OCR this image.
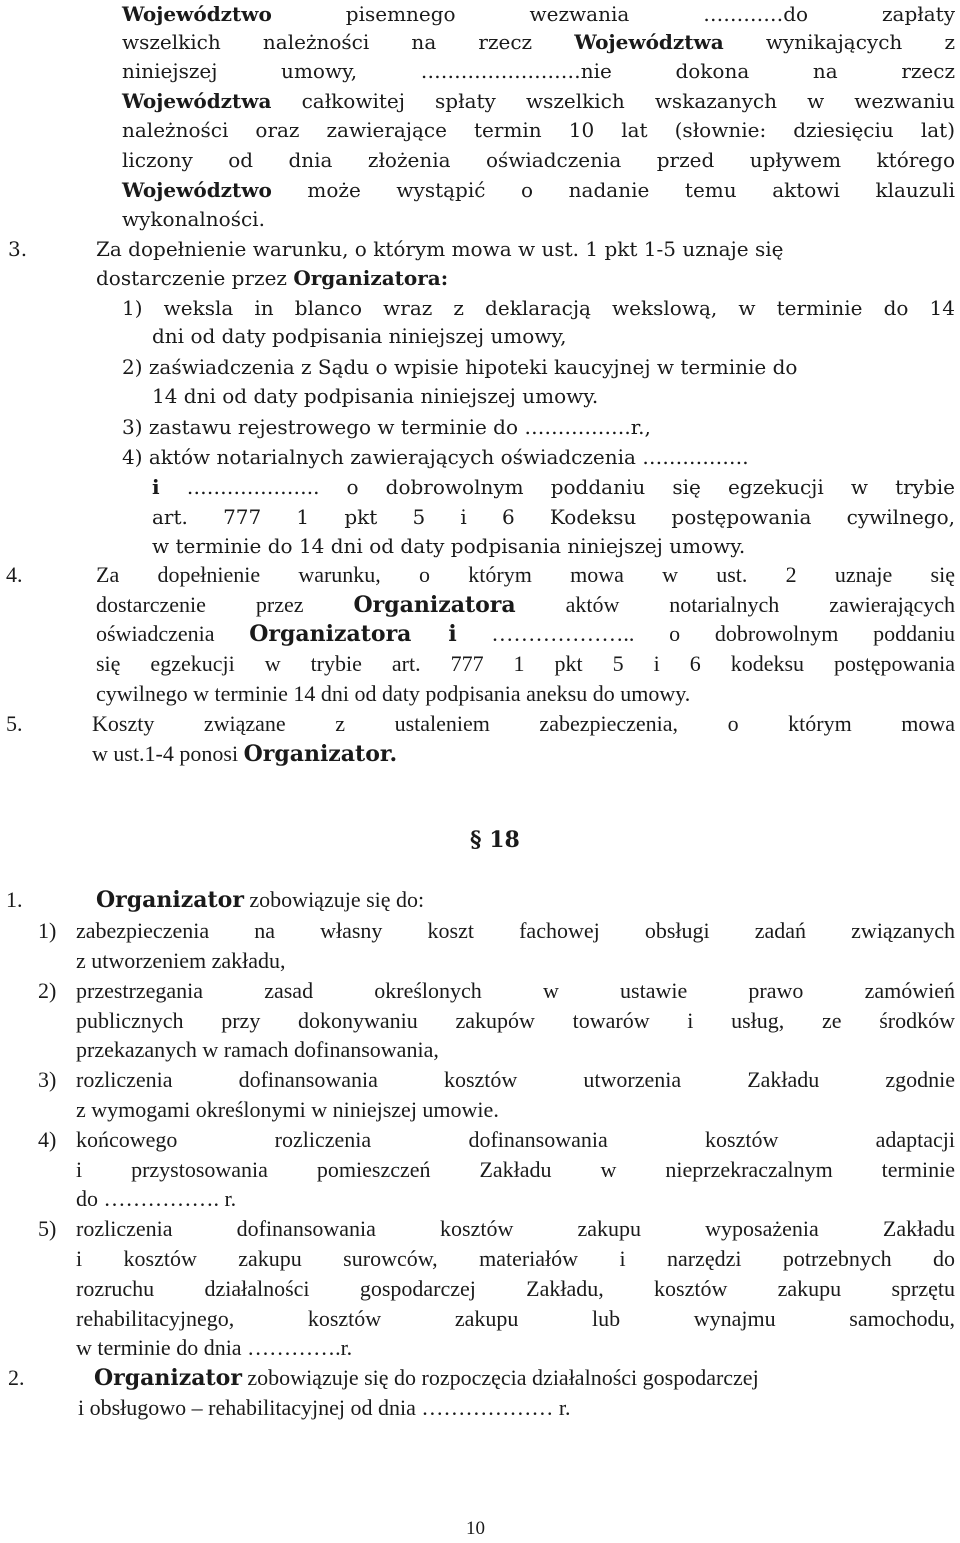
Województwo pisemnego wezwania …………do zapłaty
wszelkich należności na rzecz Województwa wynikających z
niniejszej umowy, ……………………nie dokona na rzecz
Województwa całkowitej spłaty wszelkich wskazanych w wezwaniu
należności oraz zawierające termin 10 lat (słownie: dziesięciu lat)
liczony od dnia złożenia oświadczenia przed upływem którego
Województwo może wystąpić o nadanie temu aktowi klauzuli
wykonalności.
3.	Za dopełnienie warunku, o którym mowa w ust. 1 pkt 1-5 uznaje się
dostarczenie przez Organizatora:
1) weksla in blanco wraz z deklaracją wekslową, w terminie do 14
dni od daty podpisania niniejszej umowy,
2) zaświadczenia z Sądu o wpisie hipoteki kaucyjnej w terminie do
14 dni od daty podpisania niniejszej umowy.
3) zastawu rejestrowego w terminie do …………….r.,
4) aktów notarialnych zawierających oświadczenia …………….
i ……………….. o dobrowolnym poddaniu się egzekucji w trybie
art. 777 1 pkt 5 i 6 Kodeksu postępowania cywilnego,
w terminie do 14 dni od daty podpisania niniejszej umowy.
4.	Za dopełnienie warunku, o którym mowa w ust. 2 uznaje się
dostarczenie przez Organizatora aktów notarialnych zawierających
oświadczenia Organizatora i ……………….. o dobrowolnym poddaniu
się egzekucji w trybie art. 777 1 pkt 5 i 6 kodeksu postępowania
cywilnego w terminie 14 dni od daty podpisania aneksu do umowy.
5.	Koszty związane z ustaleniem zabezpieczenia, o którym mowa
w ust.1-4 ponosi Organizator.
§ 18
1.	Organizator zobowiązuje się do:
1) zabezpieczenia na własny koszt fachowej obsługi zadań związanych
z utworzeniem zakładu,
2) przestrzegania zasad określonych w ustawie prawo zamówień
publicznych przy dokonywaniu zakupów towarów i usług, ze środków
przekazanych w ramach dofinansowania,
3) rozliczenia dofinansowania kosztów utworzenia Zakładu zgodnie
z wymogami określonymi w niniejszej umowie.
4) końcowego rozliczenia dofinansowania kosztów adaptacji
i przystosowania pomieszczeń Zakładu w nieprzekraczalnym terminie
do ……………. r.
5) rozliczenia dofinansowania kosztów zakupu wyposażenia Zakładu
i kosztów zakupu surowców, materiałów i narzędzi potrzebnych do
rozruchu działalności gospodarczej Zakładu, kosztów zakupu sprzętu
rehabilitacyjnego, kosztów zakupu lub wynajmu samochodu,
w terminie do dnia ………….r.
2.	Organizator zobowiązuje się do rozpoczęcia działalności gospodarczej
i obsługowo – rehabilitacyjnej od dnia ……………… r.
10
